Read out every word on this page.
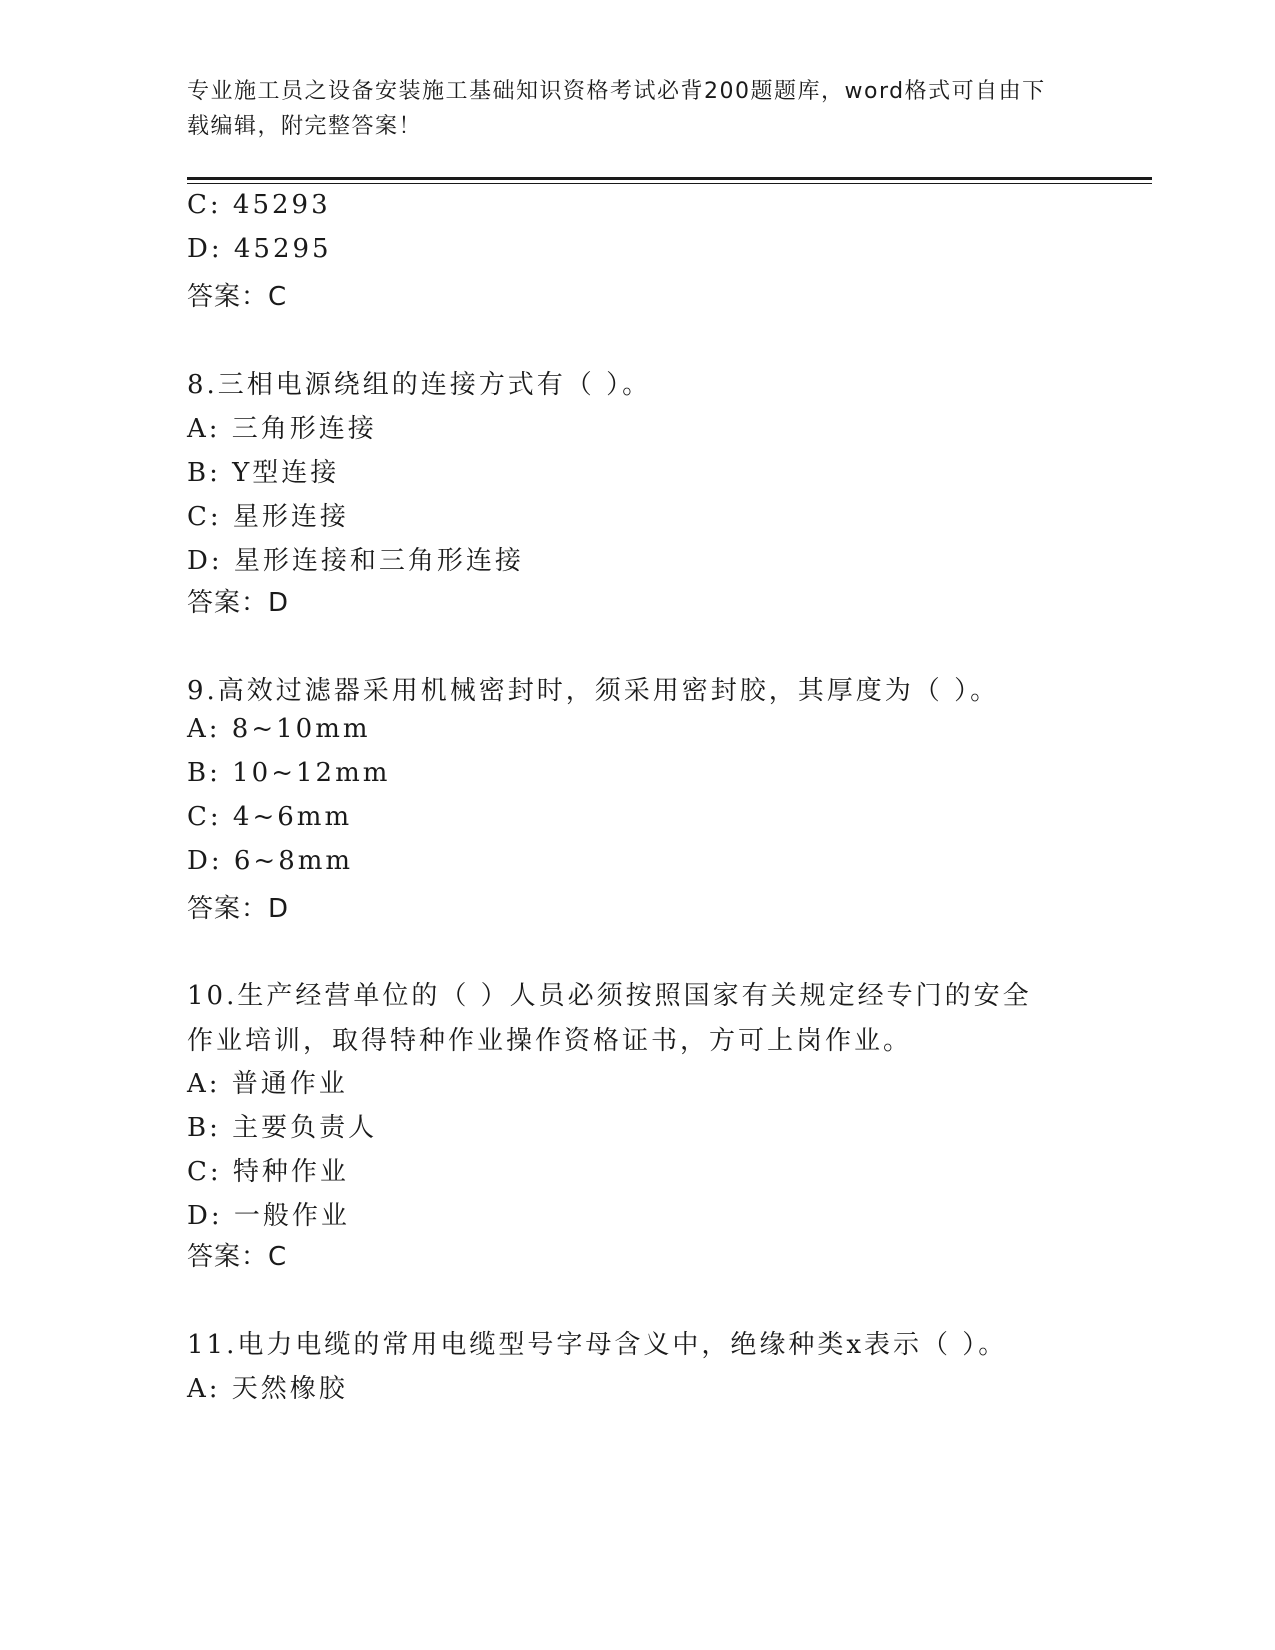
专业施工员之设备安装施工基础知识资格考试必背200题题库，word格式可自由下载编辑，附完整答案！
C: 45293
D: 45295
答案：C
8.三相电源绕组的连接方式有（ ）。
A: 三角形连接
B: Y型连接
C: 星形连接
D: 星形连接和三角形连接
答案：D
9.高效过滤器采用机械密封时，须采用密封胶，其厚度为（ ）。
A: 8~10mm
B: 10~12mm
C: 4~6mm
D: 6~8mm
答案：D
10.生产经营单位的（ ）人员必须按照国家有关规定经专门的安全作业培训，取得特种作业操作资格证书，方可上岗作业。
A: 普通作业
B: 主要负责人
C: 特种作业
D: 一般作业
答案：C
11.电力电缆的常用电缆型号字母含义中，绝缘种类x表示（ ）。
A: 天然橡胶
